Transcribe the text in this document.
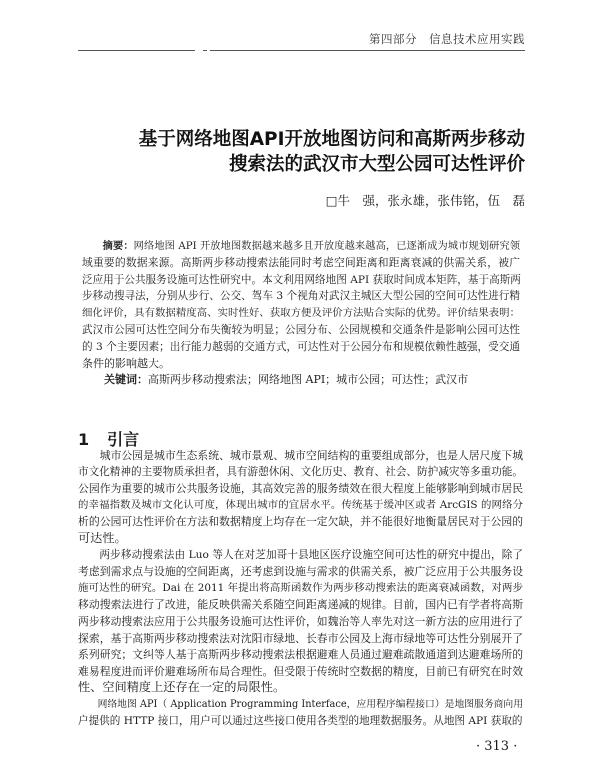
第四部分　信息技术应用实践
基于网络地图API开放地图访问和高斯两步移动
搜索法的武汉市大型公园可达性评价
□牛　强，张永雄，张伟铭，伍　磊
　　摘要：网络地图 API 开放地图数据越来越多且开放度越来越高，已逐渐成为城市规划研究领
域重要的数据来源。高斯两步移动搜索法能同时考虑空间距离和距离衰减的供需关系，被广
泛应用于公共服务设施可达性研究中。本文利用网络地图 API 获取时间成本矩阵，基于高斯两
步移动搜寻法，分别从步行、公交、驾车 3 个视角对武汉主城区大型公园的空间可达性进行精
细化评价，具有数据精度高、实时性好、获取方便及评价方法贴合实际的优势。评价结果表明：
武汉市公园可达性空间分布失衡较为明显；公园分布、公园规模和交通条件是影响公园可达性
的 3 个主要因素；出行能力越弱的交通方式，可达性对于公园分布和规模依赖性越强，受交通
条件的影响越大。
　　关键词：高斯两步移动搜索法；网络地图 API；城市公园；可达性；武汉市
1 引言
　　城市公园是城市生态系统、城市景观、城市空间结构的重要组成部分，也是人居尺度下城
市文化精神的主要物质承担者，具有游憩休闲、文化历史、教育、社会、防护减灾等多重功能。
公园作为重要的城市公共服务设施，其高效完善的服务绩效在很大程度上能够影响到城市居民
的幸福指数及城市文化认可度，体现出城市的宜居水平。传统基于缓冲区或者 ArcGIS 的网络分
析的公园可达性评价在方法和数据精度上均存在一定欠缺，并不能很好地衡量居民对于公园的
可达性。
　　两步移动搜索法由 Luo 等人在对芝加哥十县地区医疗设施空间可达性的研究中提出，除了
考虑到需求点与设施的空间距离，还考虑到设施与需求的供需关系，被广泛应用于公共服务设
施可达性的研究。Dai 在 2011 年提出将高斯函数作为两步移动搜索法的距离衰减函数，对两步
移动搜索法进行了改进，能反映供需关系随空间距离递减的规律。目前，国内已有学者将高斯
两步移动搜索法应用于公共服务设施可达性评价，如魏治等人率先对这一新方法的应用进行了
探索，基于高斯两步移动搜索法对沈阳市绿地、长春市公园及上海市绿地等可达性分别展开了
系列研究；文纠等人基于高斯两步移动搜索法根据避难人员通过避难疏散通道到达避难场所的
难易程度进而评价避难场所布局合理性。但受限于传统时空数据的精度，目前已有研究在时效
性、空间精度上还存在一定的局限性。
　　网络地图 API（ Application Programming Interface，应用程序编程接口）是地图服务商向用
户提供的 HTTP 接口，用户可以通过这些接口使用各类型的地理数据服务。从地图 API 获取的
· 313 ·
